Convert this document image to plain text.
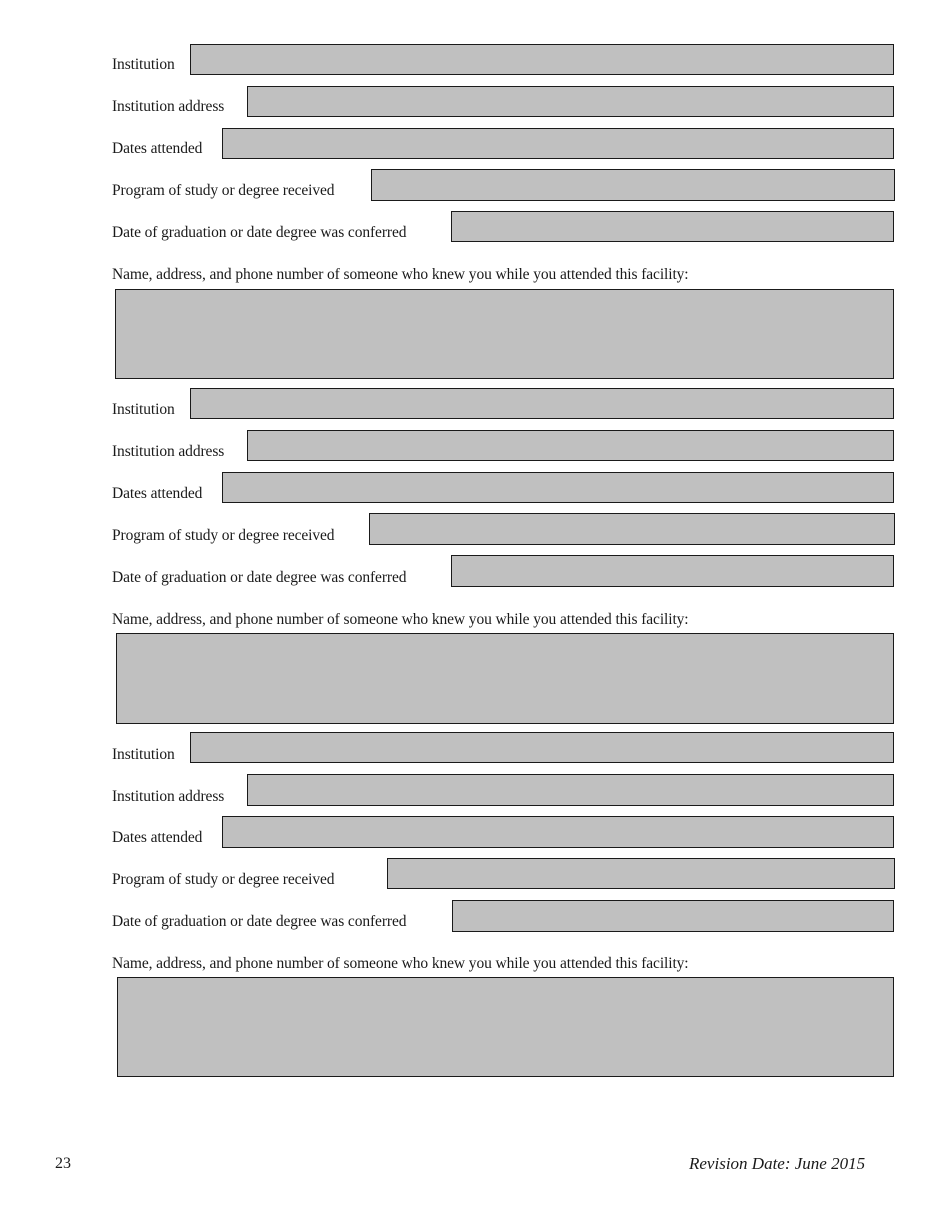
Institution
Institution address
Dates attended
Program of study or degree received
Date of graduation or date degree was conferred
Name, address, and phone number of someone who knew you while you attended this facility:
Institution
Institution address
Dates attended
Program of study or degree received
Date of graduation or date degree was conferred
Name, address, and phone number of someone who knew you while you attended this facility:
Institution
Institution address
Dates attended
Program of study or degree received
Date of graduation or date degree was conferred
Name, address, and phone number of someone who knew you while you attended this facility:
23	Revision Date: June 2015
